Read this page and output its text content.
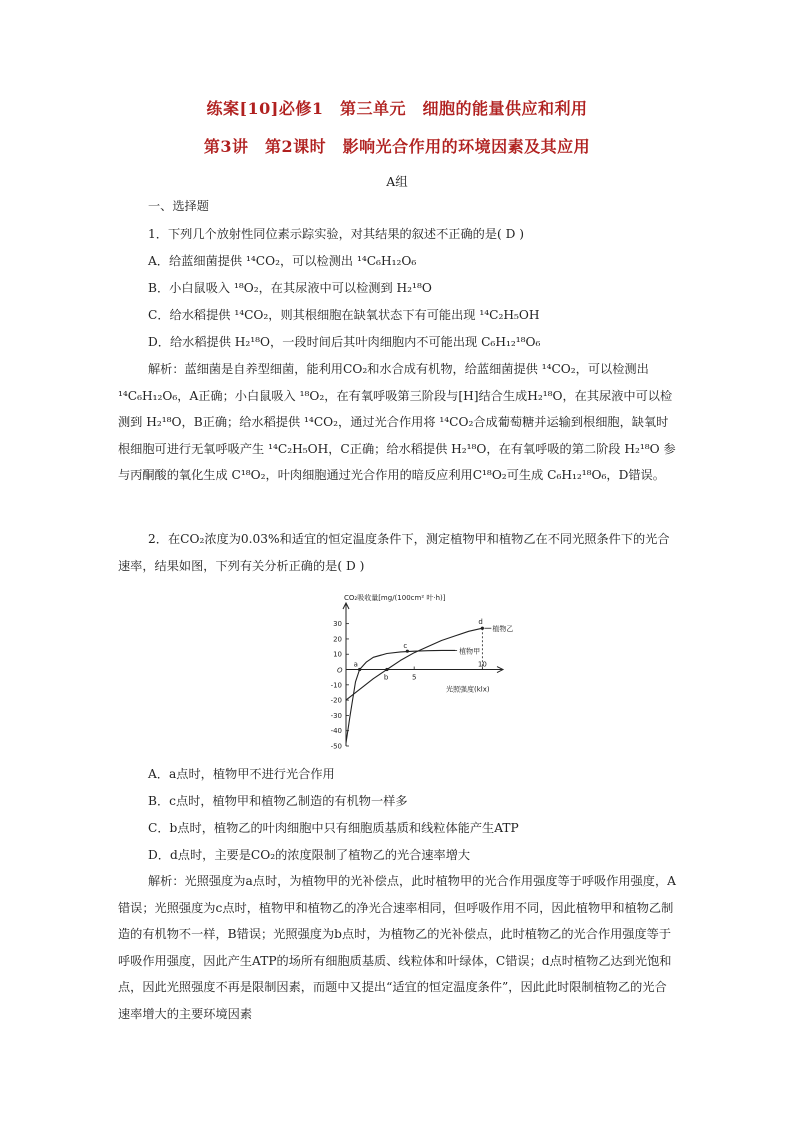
练案[10]必修1　第三单元　细胞的能量供应和利用
第3讲　第2课时　影响光合作用的环境因素及其应用
A组
一、选择题
1．下列几个放射性同位素示踪实验，对其结果的叙述不正确的是( D )
A．给蓝细菌提供 ¹⁴CO₂，可以检测出 ¹⁴C₆H₁₂O₆
B．小白鼠吸入 ¹⁸O₂，在其尿液中可以检测到 H₂¹⁸O
C．给水稻提供 ¹⁴CO₂，则其根细胞在缺氧状态下有可能出现 ¹⁴C₂H₅OH
D．给水稻提供 H₂¹⁸O，一段时间后其叶肉细胞内不可能出现 C₆H₁₂¹⁸O₆
解析：蓝细菌是自养型细菌，能利用CO₂和水合成有机物，给蓝细菌提供 ¹⁴CO₂，可以检测出 ¹⁴C₆H₁₂O₆，A正确；小白鼠吸入 ¹⁸O₂，在有氧呼吸第三阶段与[H]结合生成H₂¹⁸O，在其尿液中可以检测到 H₂¹⁸O，B正确；给水稻提供 ¹⁴CO₂，通过光合作用将 ¹⁴CO₂合成葡萄糖并运输到根细胞，缺氧时根细胞可进行无氧呼吸产生 ¹⁴C₂H₅OH，C正确；给水稻提供 H₂¹⁸O，在有氧呼吸的第二阶段 H₂¹⁸O 参与丙酮酸的氧化生成 C¹⁸O₂，叶肉细胞通过光合作用的暗反应利用C¹⁸O₂可生成 C₆H₁₂¹⁸O₆，D错误。
2．在CO₂浓度为0.03%和适宜的恒定温度条件下，测定植物甲和植物乙在不同光照条件下的光合速率，结果如图，下列有关分析正确的是( D )
CO₂吸收量[mg/(100cm² 叶·h)]
光照强度(klx)
O
30
20
10
-10
-20
-30
-40
-50
5
10
植物甲
植物乙
a
b
c
d
A．a点时，植物甲不进行光合作用
B．c点时，植物甲和植物乙制造的有机物一样多
C．b点时，植物乙的叶肉细胞中只有细胞质基质和线粒体能产生ATP
D．d点时，主要是CO₂的浓度限制了植物乙的光合速率增大
解析：光照强度为a点时，为植物甲的光补偿点，此时植物甲的光合作用强度等于呼吸作用强度，A错误；光照强度为c点时，植物甲和植物乙的净光合速率相同，但呼吸作用不同，因此植物甲和植物乙制造的有机物不一样，B错误；光照强度为b点时，为植物乙的光补偿点，此时植物乙的光合作用强度等于呼吸作用强度，因此产生ATP的场所有细胞质基质、线粒体和叶绿体，C错误；d点时植物乙达到光饱和点，因此光照强度不再是限制因素，而题中又提出“适宜的恒定温度条件”，因此此时限制植物乙的光合速率增大的主要环境因素
